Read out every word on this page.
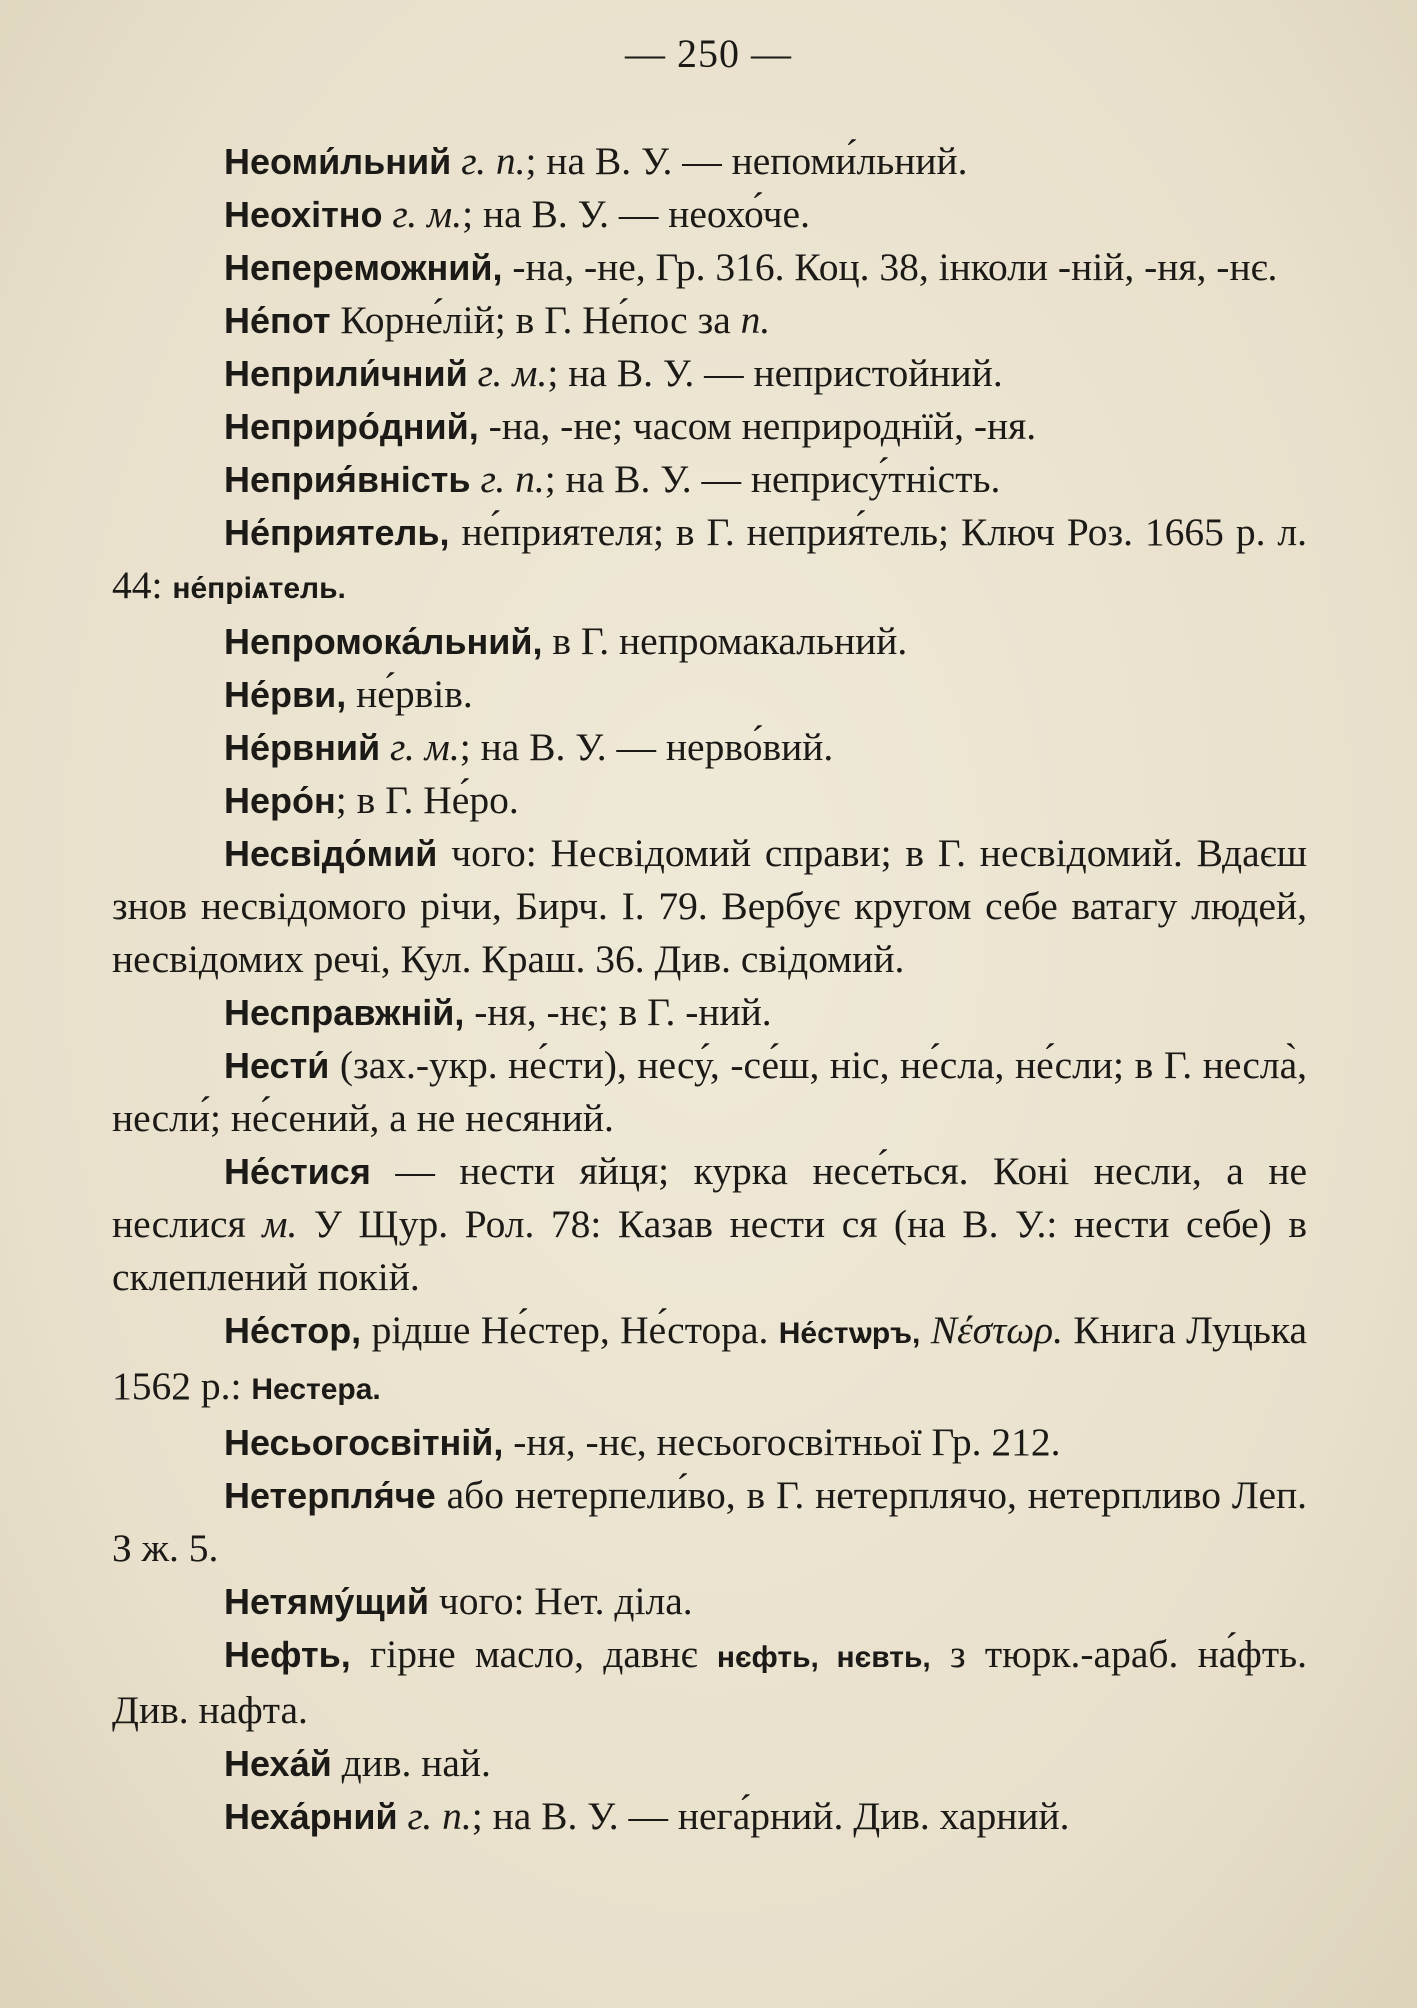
— 250 —

Неоми́льний г. п.; на В. У. — непоми́льний.

Неохітно г. м.; на В. У. — неохо́че.

Непереможний, -на, -не, Гр. 316. Коц. 38, інколи -ній, -ня, -нє.

Не́пот Корне́лій; в Г. Не́пос за п.

Неприли́чний г. м.; на В. У. — непристойний.

Неприро́дний, -на, -не; часом неприроднїй, -ня.

Неприя́вність г. п.; на В. У. — непрису́тність.

Не́приятель, не́приятеля; в Г. неприя́тель; Ключ Роз. 1665 р. л. 44: не́пріѧтель.

Непромока́льний, в Г. непромакальний.

Не́рви, не́рвів.

Не́рвний г. м.; на В. У. — нерво́вий.

Неро́н; в Г. Не́ро.

Несвідо́мий чого: Несвідомий справи; в Г. несвідомий. Вдаєш знов несвідомого річи, Бирч. І. 79. Вербує кругом себе ватагу людей, несвідомих речі, Кул. Краш. 36. Див. свідомий.

Несправжній, -ня, -нє; в Г. -ний.

Нести́ (зах.-укр. не́сти), несу́, -се́ш, ніс, не́сла, не́сли; в Г. несла̀, несли́; не́сений, а не несяний.

Не́стися — нести яйця; курка несе́ться. Коні несли, а не неслися м. У Щур. Рол. 78: Казав нести ся (на В. У.: нести себе) в склеплений покій.

Не́стор, рідше Не́стер, Не́стора. Не́стѡръ, Νέστωρ. Книга Луцька 1562 р.: Нестера.

Несьогосвітній, -ня, -нє, несьогосвітньої Гр. 212.

Нетерпля́че або нетерпели́во, в Г. нетерплячо, нетерпливо Леп. З ж. 5.

Нетяму́щий чого: Нет. діла.

Нефть, гірне масло, давнє нєфть, нєвть, з тюрк.-араб. на́фть. Див. нафта.

Неха́й див. най.

Неха́рний г. п.; на В. У. — нега́рний. Див. харний.
